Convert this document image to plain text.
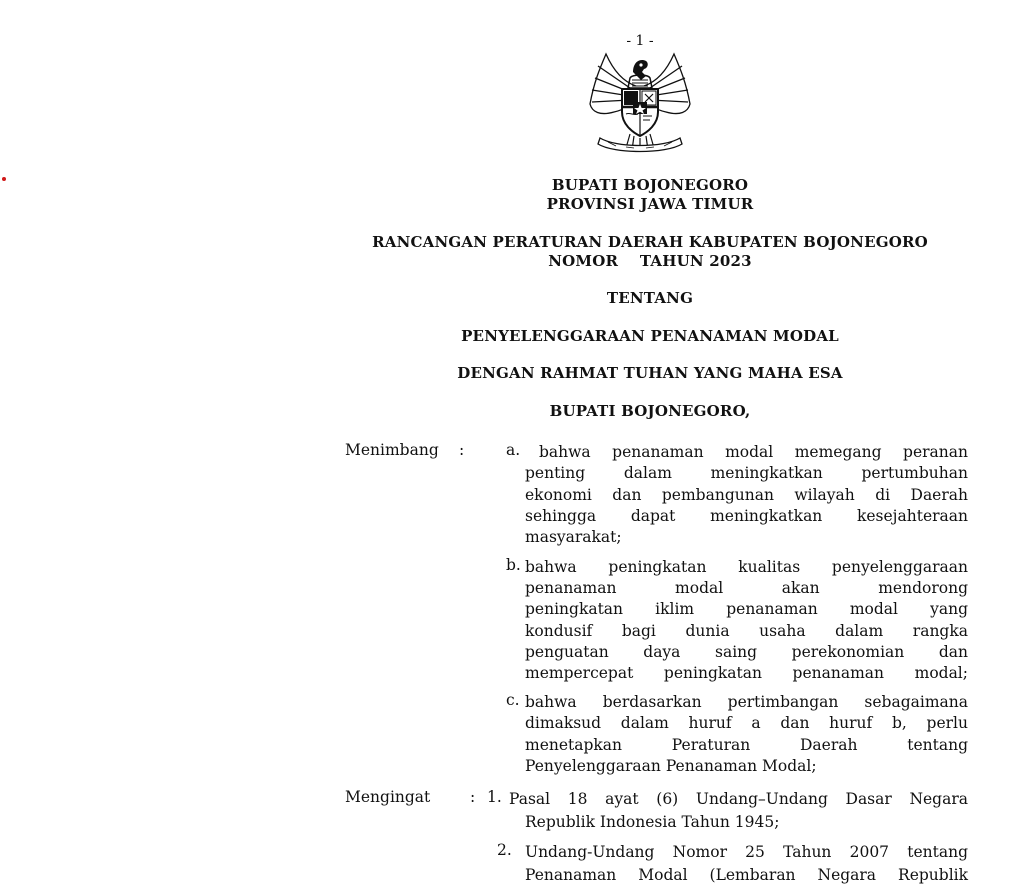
- 1 -
BUPATI BOJONEGORO
PROVINSI JAWA TIMUR
RANCANGAN PERATURAN DAERAH KABUPATEN BOJONEGORO
NOMOR    TAHUN 2023
TENTANG
PENYELENGGARAAN PENANAMAN MODAL
DENGAN RAHMAT TUHAN YANG MAHA ESA
BUPATI BOJONEGORO,
Menimbang :	a. bahwa penanaman modal memegang peranan
penting dalam meningkatkan pertumbuhan
ekonomi dan pembangunan wilayah di Daerah
sehingga dapat meningkatkan kesejahteraan
masyarakat;
b. bahwa peningkatan kualitas penyelenggaraan
penanaman modal akan mendorong
peningkatan iklim penanaman modal yang
kondusif bagi dunia usaha dalam rangka
penguatan daya saing perekonomian dan
mempercepat peningkatan penanaman modal;
c. bahwa berdasarkan pertimbangan sebagaimana
dimaksud dalam huruf a dan huruf b, perlu
menetapkan Peraturan Daerah tentang
Penyelenggaraan Penanaman Modal;
Mengingat	: 1. Pasal 18 ayat (6) Undang–Undang Dasar Negara
Republik Indonesia Tahun 1945;
2. Undang-Undang Nomor 25 Tahun 2007 tentang
Penanaman Modal (Lembaran Negara Republik
